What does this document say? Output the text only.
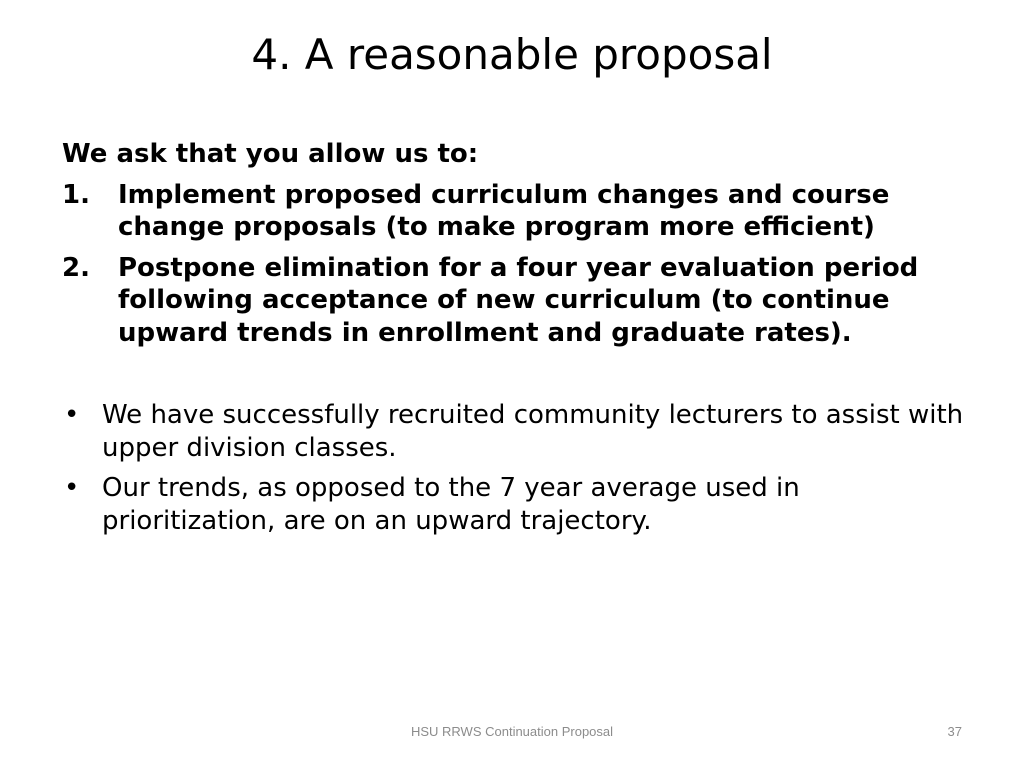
4. A reasonable proposal
We ask that you allow us to:
1.	Implement proposed curriculum changes and course change proposals (to make program more efficient)
2.	Postpone elimination for a four year evaluation period following acceptance of new curriculum (to continue upward trends in enrollment and graduate rates).
• We have successfully recruited community lecturers to assist with upper division classes.
• Our trends, as opposed to the 7 year average used in prioritization, are on an upward trajectory.
HSU RRWS Continuation Proposal	37
